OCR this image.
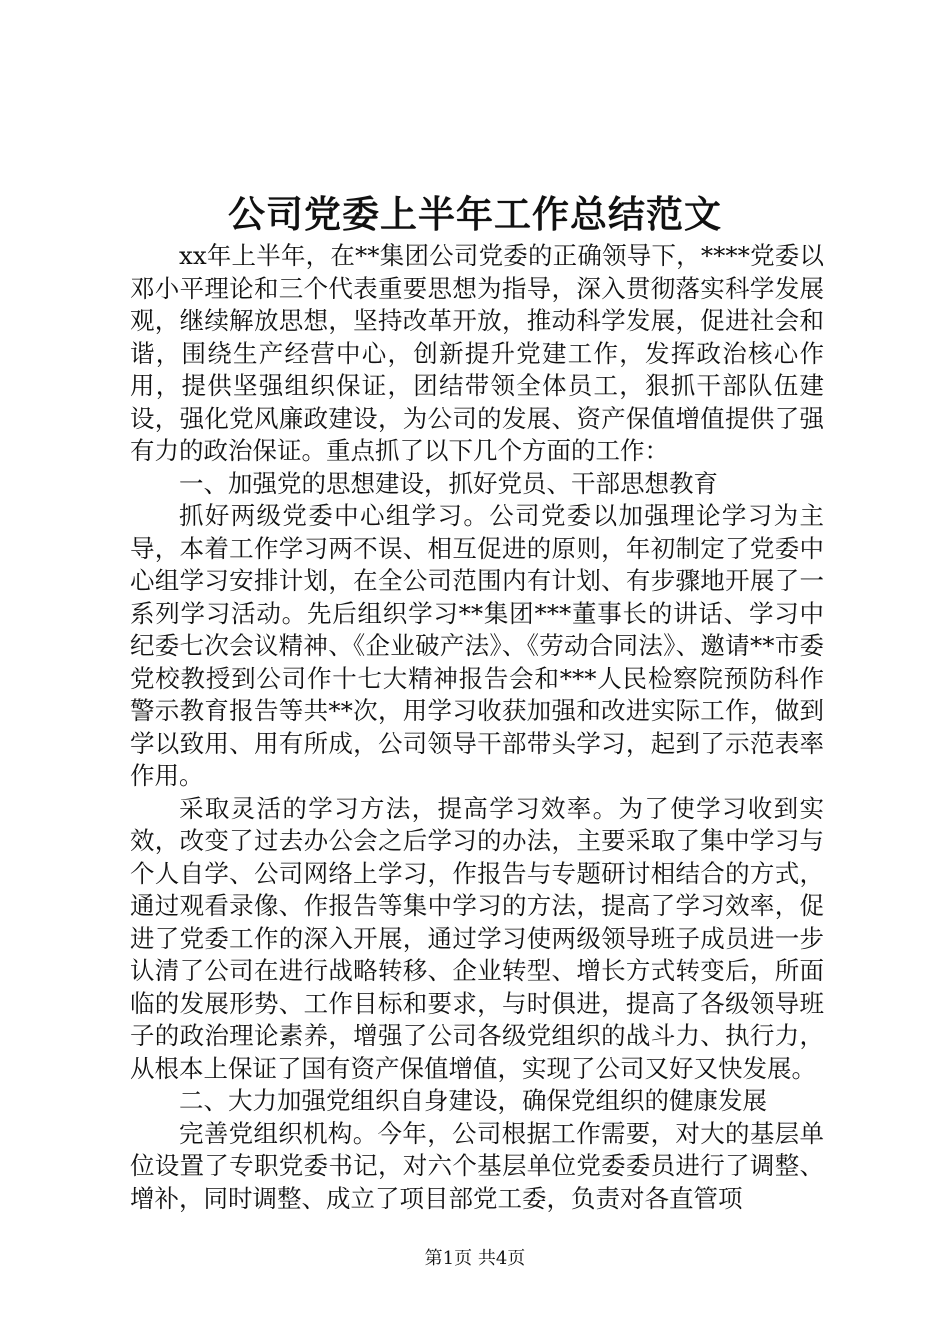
公司党委上半年工作总结范文

xx年上半年，在**集团公司党委的正确领导下，****党委以邓小平理论和三个代表重要思想为指导，深入贯彻落实科学发展观，继续解放思想，坚持改革开放，推动科学发展，促进社会和谐，围绕生产经营中心，创新提升党建工作，发挥政治核心作用，提供坚强组织保证，团结带领全体员工，狠抓干部队伍建设，强化党风廉政建设，为公司的发展、资产保值增值提供了强有力的政治保证。重点抓了以下几个方面的工作：

一、加强党的思想建设，抓好党员、干部思想教育

抓好两级党委中心组学习。公司党委以加强理论学习为主导，本着工作学习两不误、相互促进的原则，年初制定了党委中心组学习安排计划，在全公司范围内有计划、有步骤地开展了一系列学习活动。先后组织学习**集团***董事长的讲话、学习中纪委七次会议精神、《企业破产法》、《劳动合同法》、邀请**市委党校教授到公司作十七大精神报告会和***人民检察院预防科作警示教育报告等共**次，用学习收获加强和改进实际工作，做到学以致用、用有所成，公司领导干部带头学习，起到了示范表率作用。

采取灵活的学习方法，提高学习效率。为了使学习收到实效，改变了过去办公会之后学习的办法，主要采取了集中学习与个人自学、公司网络上学习，作报告与专题研讨相结合的方式，通过观看录像、作报告等集中学习的方法，提高了学习效率，促进了党委工作的深入开展，通过学习使两级领导班子成员进一步认清了公司在进行战略转移、企业转型、增长方式转变后，所面临的发展形势、工作目标和要求，与时俱进，提高了各级领导班子的政治理论素养，增强了公司各级党组织的战斗力、执行力，从根本上保证了国有资产保值增值，实现了公司又好又快发展。

二、大力加强党组织自身建设，确保党组织的健康发展

完善党组织机构。今年，公司根据工作需要，对大的基层单位设置了专职党委书记，对六个基层单位党委委员进行了调整、增补，同时调整、成立了项目部党工委，负责对各直管项

第1页 共4页
